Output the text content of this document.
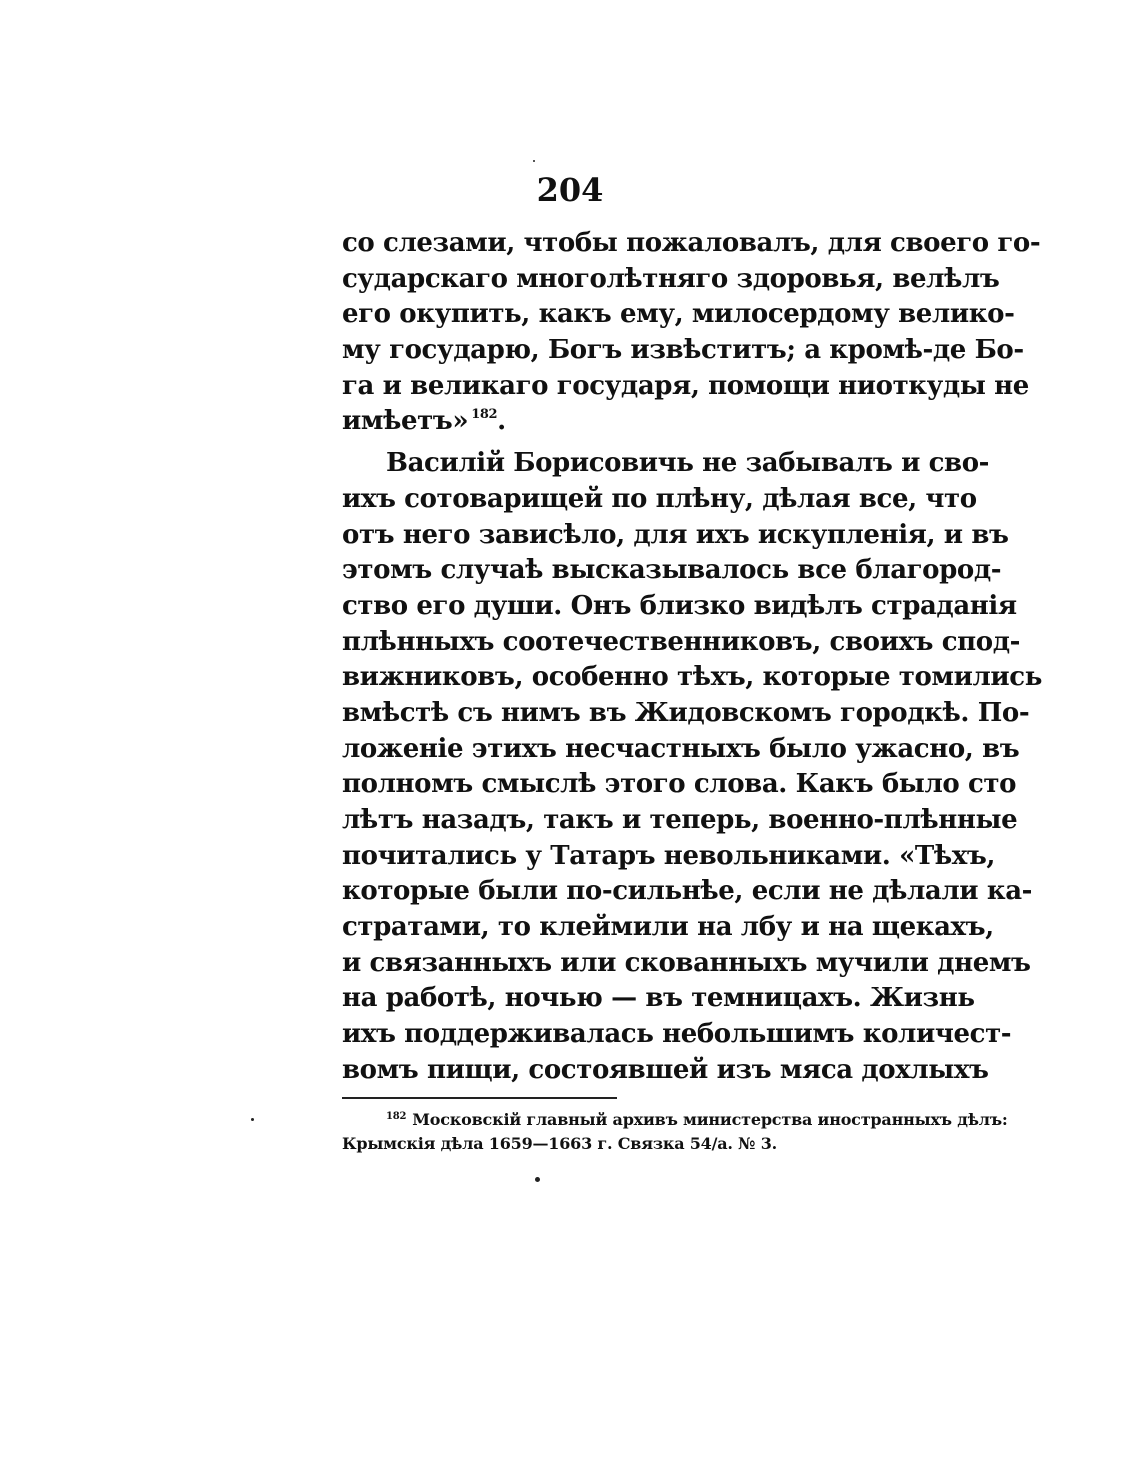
204
со слезами, чтобы пожаловалъ, для своего го-
сударскаго многолѣтняго здоровья, велѣлъ
его окупить, какъ ему, милосердому велико-
му государю, Богъ извѣститъ; а кромѣ-де Бо-
га и великаго государя, помощи ниоткуды не
имѣетъ» $^{182}$.
Василій Борисовичь не забывалъ и сво-
ихъ сотоварищей по плѣну, дѣлая все, что
отъ него зависѣло, для ихъ искупленія, и въ
этомъ случаѣ высказывалось все благород-
ство его души. Онъ близко видѣлъ страданія
плѣнныхъ соотечественниковъ, своихъ спод-
вижниковъ, особенно тѣхъ, которые томились
вмѣстѣ съ нимъ въ Жидовскомъ городкѣ. По-
ложеніе этихъ несчастныхъ было ужасно, въ
полномъ смыслѣ этого слова. Какъ было сто
лѣтъ назадъ, такъ и теперь, военно-плѣнные
почитались у Татаръ невольниками. «Тѣхъ,
которые были по-сильнѣе, если не дѣлали ка-
стратами, то клеймили на лбу и на щекахъ,
и связанныхъ или скованныхъ мучили днемъ
на работѣ, ночью — въ темницахъ. Жизнь
ихъ поддерживалась небольшимъ количест-
вомъ пищи, состоявшей изъ мяса дохлыхъ
$^{182}$ Московскій главный архивъ министерства иностранныхъ дѣлъ:
Крымскія дѣла 1659—1663 г. Связка 54/а. № 3.
